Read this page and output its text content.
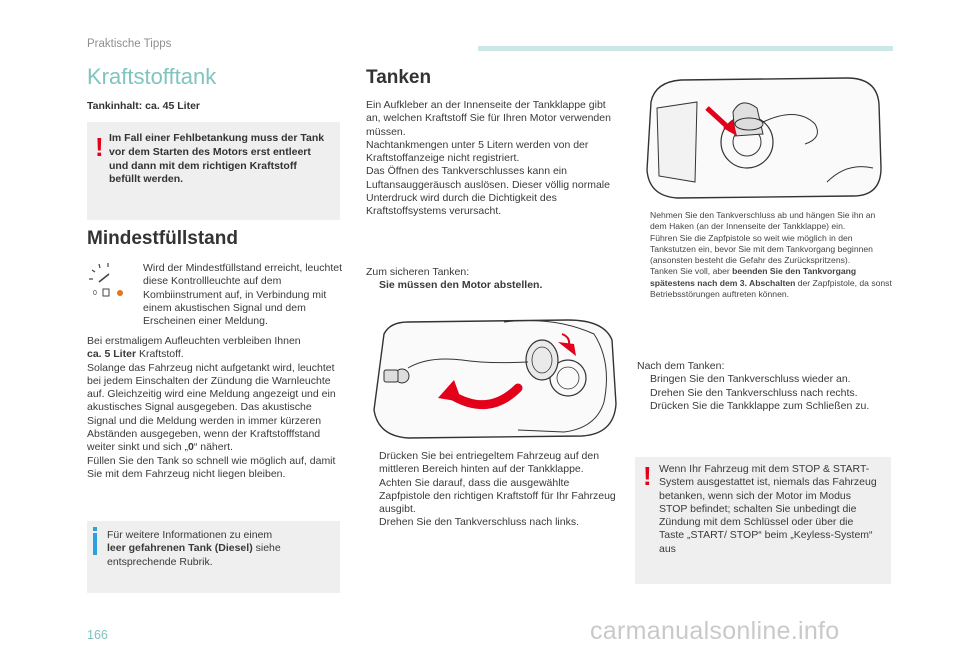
Praktische Tipps
Kraftstofftank
Tankinhalt: ca. 45 Liter
! Im Fall einer Fehlbetankung muss der Tank vor dem Starten des Motors erst entleert und dann mit dem richtigen Kraftstoff befüllt werden.
Mindestfüllstand
0
Wird der Mindestfüllstand erreicht, leuchtet diese Kontrollleuchte auf dem Kombiinstrument auf, in Verbindung mit einem akustischen Signal und dem Erscheinen einer Meldung.
Bei erstmaligem Aufleuchten verbleiben Ihnen
ca. 5 Liter Kraftstoff.
Solange das Fahrzeug nicht aufgetankt wird, leuchtet bei jedem Einschalten der Zündung die Warnleuchte auf. Gleichzeitig wird eine Meldung angezeigt und ein akustisches Signal ausgegeben. Das akustische Signal und die Meldung werden in immer kürzeren Abständen ausgegeben, wenn der Kraftstofffstand weiter sinkt und sich „0“ nähert.
Füllen Sie den Tank so schnell wie möglich auf, damit Sie mit dem Fahrzeug nicht liegen bleiben.
Für weitere Informationen zu einem
leer gefahrenen Tank (Diesel) siehe entsprechende Rubrik.
Tanken
Ein Aufkleber an der Innenseite der Tankklappe gibt an, welchen Kraftstoff Sie für Ihren Motor verwenden müssen.
Nachtankmengen unter 5 Litern werden von der Kraftstoffanzeige nicht registriert.
Das Öffnen des Tankverschlusses kann ein Luftansauggeräusch auslösen. Dieser völlig normale Unterdruck wird durch die Dichtigkeit des Kraftstoffsystems verursacht.
Zum sicheren Tanken:
Sie müssen den Motor abstellen.
Drücken Sie bei entriegeltem Fahrzeug auf den mittleren Bereich hinten auf der Tankklappe.
Achten Sie darauf, dass die ausgewählte Zapfpistole den richtigen Kraftstoff für Ihr Fahrzeug ausgibt.
Drehen Sie den Tankverschluss nach links.
Nehmen Sie den Tankverschluss ab und hängen Sie ihn an dem Haken (an der Innenseite der Tankklappe) ein.
Führen Sie die Zapfpistole so weit wie möglich in den Tankstutzen ein, bevor Sie mit dem Tankvorgang beginnen (ansonsten besteht die Gefahr des Zurückspritzens).
Tanken Sie voll, aber beenden Sie den Tankvorgang spätestens nach dem 3. Abschalten der Zapfpistole, da sonst Betriebsstörungen auftreten können.
Nach dem Tanken:
Bringen Sie den Tankverschluss wieder an.
Drehen Sie den Tankverschluss nach rechts.
Drücken Sie die Tankklappe zum Schließen zu.
! Wenn Ihr Fahrzeug mit dem STOP & START-System ausgestattet ist, niemals das Fahrzeug betanken, wenn sich der Motor im Modus STOP befindet; schalten Sie unbedingt die Zündung mit dem Schlüssel oder über die Taste „START/ STOP“ beim „Keyless-System“ aus
166	carmanualsonline.info
